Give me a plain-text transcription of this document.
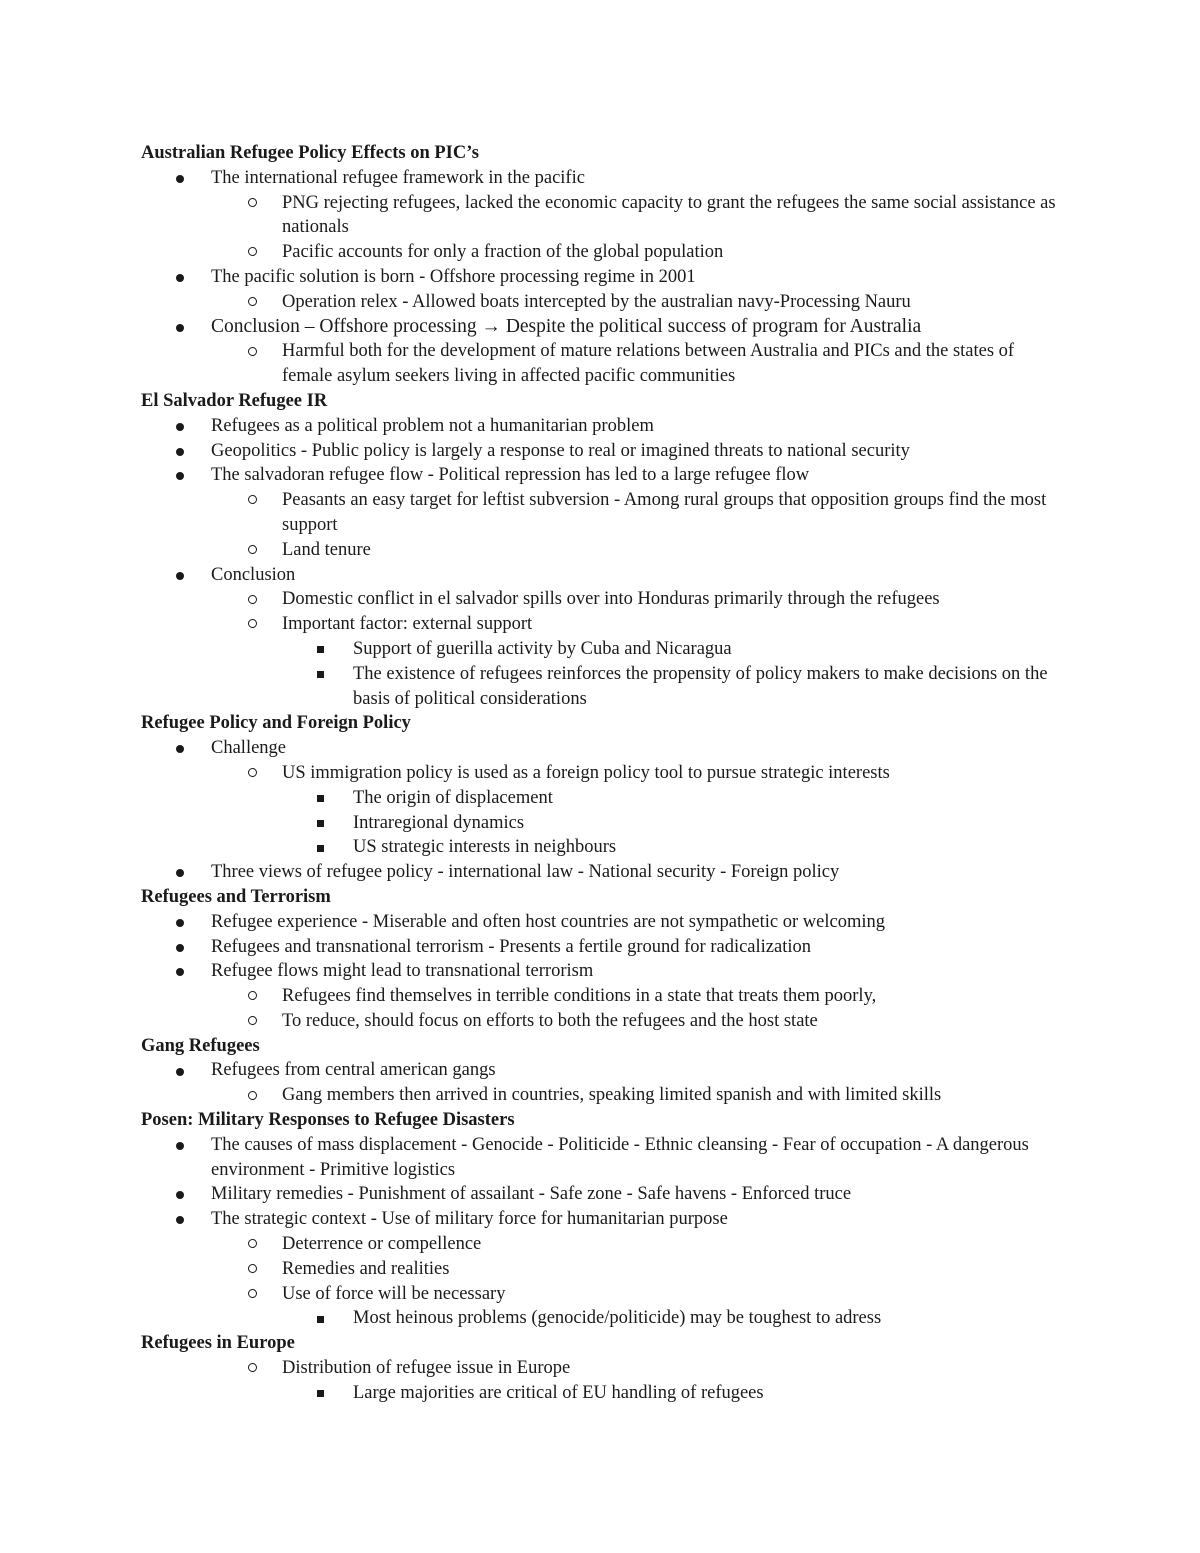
Australian Refugee Policy Effects on PIC’s

The international refugee framework in the pacific
PNG rejecting refugees, lacked the economic capacity to grant the refugees the same social assistance as nationals
Pacific accounts for only a fraction of the global population
The pacific solution is born - Offshore processing regime in 2001
Operation relex - Allowed boats intercepted by the australian navy-Processing Nauru
Conclusion – Offshore processing → Despite the political success of program for Australia
Harmful both for the development of mature relations between Australia and PICs and the states of female asylum seekers living in affected pacific communities

El Salvador Refugee IR

Refugees as a political problem not a humanitarian problem
Geopolitics - Public policy is largely a response to real or imagined threats to national security
The salvadoran refugee flow - Political repression has led to a large refugee flow
Peasants an easy target for leftist subversion - Among rural groups that opposition groups find the most support
Land tenure
Conclusion
Domestic conflict in el salvador spills over into Honduras primarily through the refugees
Important factor: external support
Support of guerilla activity by Cuba and Nicaragua
The existence of refugees reinforces the propensity of policy makers to make decisions on the basis of political considerations

Refugee Policy and Foreign Policy

Challenge
US immigration policy is used as a foreign policy tool to pursue strategic interests
The origin of displacement
Intraregional dynamics
US strategic interests in neighbours
Three views of refugee policy - international law - National security - Foreign policy

Refugees and Terrorism

Refugee experience - Miserable and often host countries are not sympathetic or welcoming
Refugees and transnational terrorism - Presents a fertile ground for radicalization
Refugee flows might lead to transnational terrorism
Refugees find themselves in terrible conditions in a state that treats them poorly,
To reduce, should focus on efforts to both the refugees and the host state

Gang Refugees

Refugees from central american gangs
Gang members then arrived in countries, speaking limited spanish and with limited skills

Posen: Military Responses to Refugee Disasters

The causes of mass displacement - Genocide - Politicide - Ethnic cleansing - Fear of occupation - A dangerous environment - Primitive logistics
Military remedies - Punishment of assailant - Safe zone - Safe havens - Enforced truce
The strategic context - Use of military force for humanitarian purpose
Deterrence or compellence
Remedies and realities
Use of force will be necessary
Most heinous problems (genocide/politicide) may be toughest to adress

Refugees in Europe

Distribution of refugee issue in Europe
Large majorities are critical of EU handling of refugees
